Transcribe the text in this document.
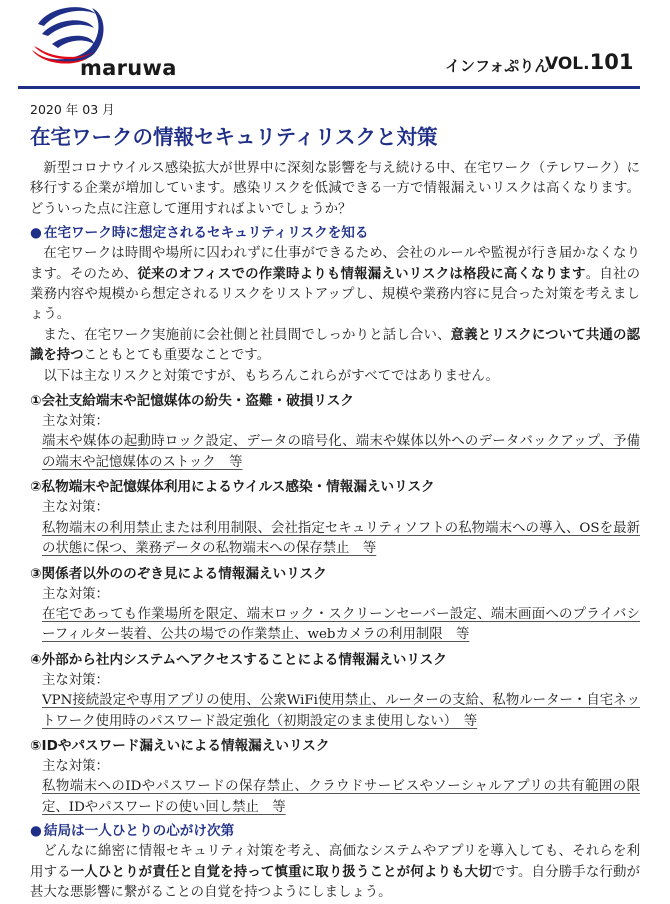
maruwa	インフォぷりん
VOL.101
2020 年 03 月
在宅ワークの情報セキュリティリスクと対策

新型コロナウイルス感染拡大が世界中に深刻な影響を与え続ける中、在宅ワーク（テレワーク）に移行する企業が増加しています。感染リスクを低減できる一方で情報漏えいリスクは高くなります。どういった点に注意して運用すればよいでしょうか？

● 在宅ワーク時に想定されるセキュリティリスクを知る

在宅ワークは時間や場所に囚われずに仕事ができるため、会社のルールや監視が行き届かなくなります。そのため、従来のオフィスでの作業時よりも情報漏えいリスクは格段に高くなります。自社の業務内容や規模から想定されるリスクをリストアップし、規模や業務内容に見合った対策を考えましょう。

また、在宅ワーク実施前に会社側と社員間でしっかりと話し合い、意義とリスクについて共通の認識を持つこともとても重要なことです。

以下は主なリスクと対策ですが、もちろんこれらがすべてではありません。

①会社支給端末や記憶媒体の紛失・盗難・破損リスク
主な対策：

端末や媒体の起動時ロック設定、データの暗号化、端末や媒体以外へのデータバックアップ、予備の端末や記憶媒体のストック　等

②私物端末や記憶媒体利用によるウイルス感染・情報漏えいリスク
主な対策：

私物端末の利用禁止または利用制限、会社指定セキュリティソフトの私物端末への導入、OSを最新の状態に保つ、業務データの私物端末への保存禁止　等

③関係者以外ののぞき見による情報漏えいリスク
主な対策：

在宅であっても作業場所を限定、端末ロック・スクリーンセーバー設定、端末画面へのプライバシーフィルター装着、公共の場での作業禁止、webカメラの利用制限　等

④外部から社内システムへアクセスすることによる情報漏えいリスク
主な対策：

VPN接続設定や専用アプリの使用、公衆WiFi使用禁止、ルーターの支給、私物ルーター・自宅ネットワーク使用時のパスワード設定強化（初期設定のまま使用しない）　等

⑤IDやパスワード漏えいによる情報漏えいリスク
主な対策：

私物端末へのIDやパスワードの保存禁止、クラウドサービスやソーシャルアプリの共有範囲の限定、IDやパスワードの使い回し禁止　等

● 結局は一人ひとりの心がけ次第

どんなに綿密に情報セキュリティ対策を考え、高価なシステムやアプリを導入しても、それらを利用する一人ひとりが責任と自覚を持って慎重に取り扱うことが何よりも大切です。自分勝手な行動が甚大な悪影響に繋がることの自覚を持つようにしましょう。
